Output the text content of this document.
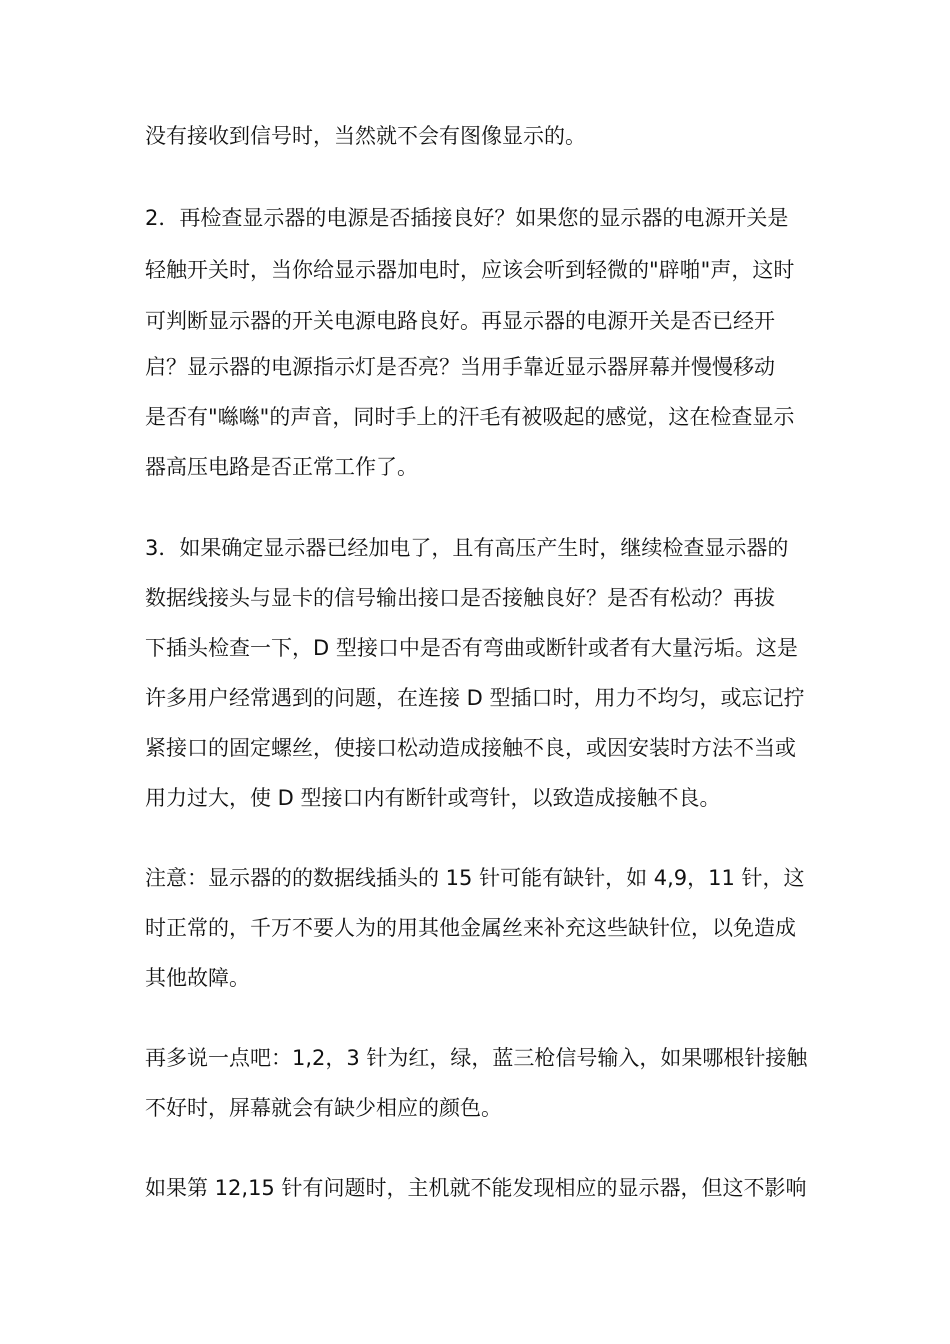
没有接收到信号时，当然就不会有图像显示的。
2．再检查显示器的电源是否插接良好？如果您的显示器的电源开关是
轻触开关时，当你给显示器加电时，应该会听到轻微的"辟啪"声，这时
可判断显示器的开关电源电路良好。再显示器的电源开关是否已经开
启？显示器的电源指示灯是否亮？当用手靠近显示器屏幕并慢慢移动
是否有"噝噝"的声音，同时手上的汗毛有被吸起的感觉，这在检查显示
器高压电路是否正常工作了。
3．如果确定显示器已经加电了，且有高压产生时，继续检查显示器的
数据线接头与显卡的信号输出接口是否接触良好？是否有松动？再拔
下插头检查一下，D 型接口中是否有弯曲或断针或者有大量污垢。这是
许多用户经常遇到的问题，在连接 D 型插口时，用力不均匀，或忘记拧
紧接口的固定螺丝，使接口松动造成接触不良，或因安装时方法不当或
用力过大，使 D 型接口内有断针或弯针，以致造成接触不良。
注意：显示器的的数据线插头的 15 针可能有缺针，如 4,9，11 针，这
时正常的，千万不要人为的用其他金属丝来补充这些缺针位，以免造成
其他故障。
再多说一点吧：1,2，3 针为红，绿，蓝三枪信号输入，如果哪根针接触
不好时，屏幕就会有缺少相应的颜色。
如果第 12,15 针有问题时，主机就不能发现相应的显示器，但这不影响
